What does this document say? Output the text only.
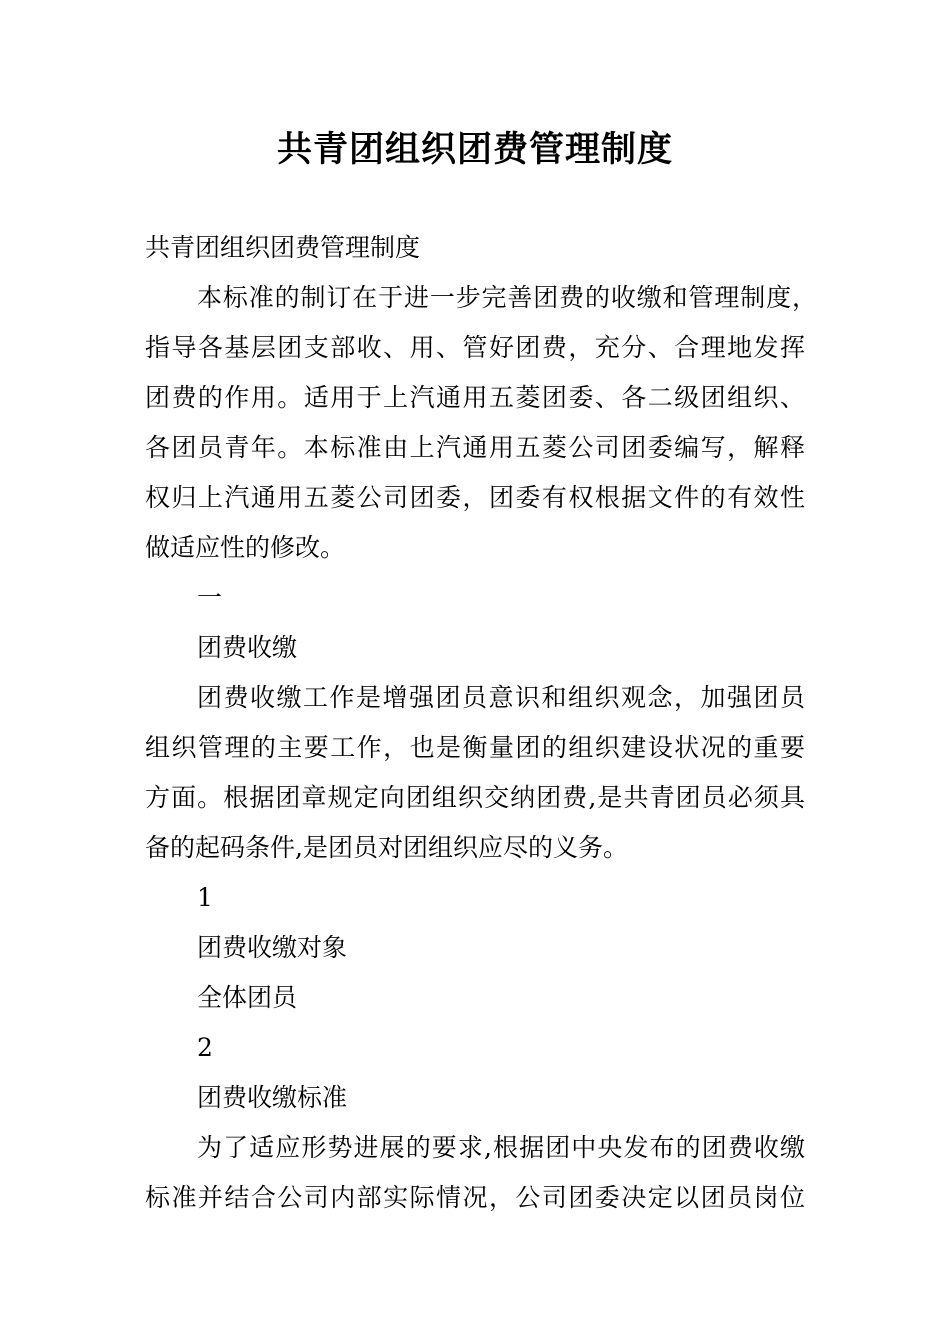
共青团组织团费管理制度
共青团组织团费管理制度
本标准的制订在于进一步完善团费的收缴和管理制度，
指导各基层团支部收、用、管好团费，充分、合理地发挥
团费的作用。适用于上汽通用五菱团委、各二级团组织、
各团员青年。本标准由上汽通用五菱公司团委编写，解释
权归上汽通用五菱公司团委，团委有权根据文件的有效性
做适应性的修改。
一
团费收缴
团费收缴工作是增强团员意识和组织观念，加强团员
组织管理的主要工作，也是衡量团的组织建设状况的重要
方面。根据团章规定向团组织交纳团费,是共青团员必须具
备的起码条件,是团员对团组织应尽的义务。
1
团费收缴对象
全体团员
2
团费收缴标准
为了适应形势进展的要求,根据团中央发布的团费收缴
标准并结合公司内部实际情况，公司团委决定以团员岗位
